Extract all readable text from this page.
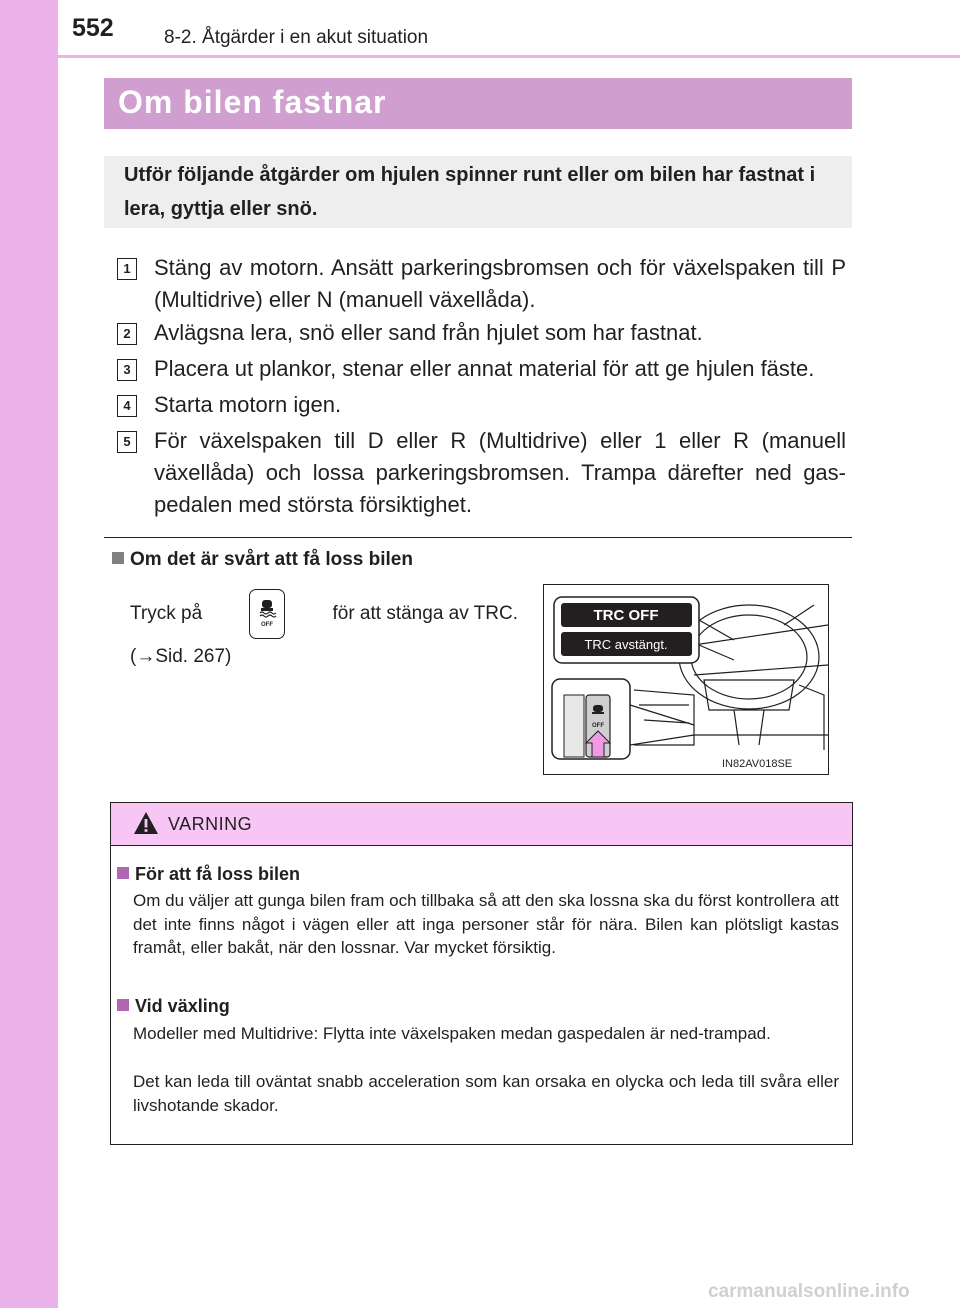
552	8-2. Åtgärder i en akut situation
Om bilen fastnar
Utför följande åtgärder om hjulen spinner runt eller om bilen har fastnat i lera, gyttja eller snö.
1 Stäng av motorn. Ansätt parkeringsbromsen och för växelspaken till P (Multidrive) eller N (manuell växellåda).
2 Avlägsna lera, snö eller sand från hjulet som har fastnat.
3 Placera ut plankor, stenar eller annat material för att ge hjulen fäste.
4 Starta motorn igen.
5 För växelspaken till D eller R (Multidrive) eller 1 eller R (manuell växellåda) och lossa parkeringsbromsen. Trampa därefter ned gas-pedalen med största försiktighet.
Om det är svårt att få loss bilen
Tryck på
OFF
för att stänga av TRC.
(→Sid. 267)
TRC OFF
TRC avstängt.
OFF
IN82AV018SE
VARNING
För att få loss bilen
Om du väljer att gunga bilen fram och tillbaka så att den ska lossna ska du först kontrollera att det inte finns något i vägen eller att inga personer står för nära. Bilen kan plötsligt kastas framåt, eller bakåt, när den lossnar. Var mycket försiktig.
Vid växling
Modeller med Multidrive: Flytta inte växelspaken medan gaspedalen är ned-trampad.
Det kan leda till oväntat snabb acceleration som kan orsaka en olycka och leda till svåra eller livshotande skador.
carmanualsonline.info
